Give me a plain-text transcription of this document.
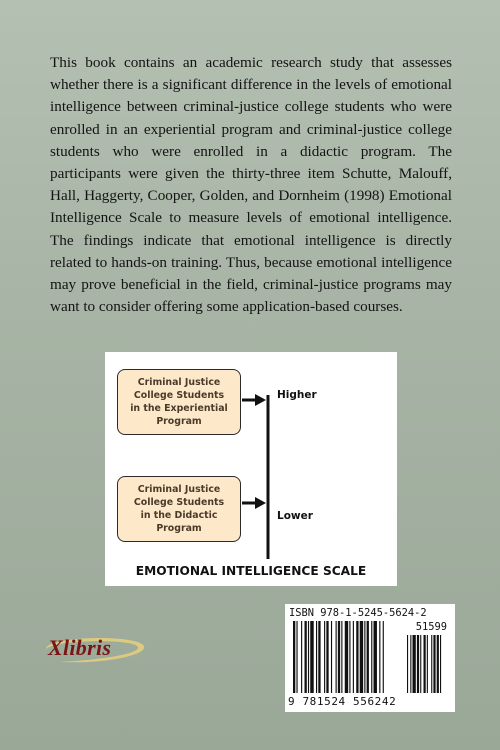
This book contains an academic research study that assesses whether there is a significant difference in the levels of emotional intelligence between criminal-justice college students who were enrolled in an experiential program and criminal-justice college students who were enrolled in a didactic program. The participants were given the thirty-three item Schutte, Malouff, Hall, Haggerty, Cooper, Golden, and Dornheim (1998) Emotional Intelligence Scale to measure levels of emotional intelligence. The findings indicate that emotional intelligence is directly related to hands-on training. Thus, because emotional intelligence may prove beneficial in the field, criminal-justice programs may want to consider offering some application-based courses.

Criminal Justice
College Students
in the Experiential
Program
Criminal Justice
College Students
in the Didactic
Program
Higher
Lower
EMOTIONAL INTELLIGENCE SCALE
Xlibris
ISBN 978-1-5245-5624-2
51599
9 781524 556242
